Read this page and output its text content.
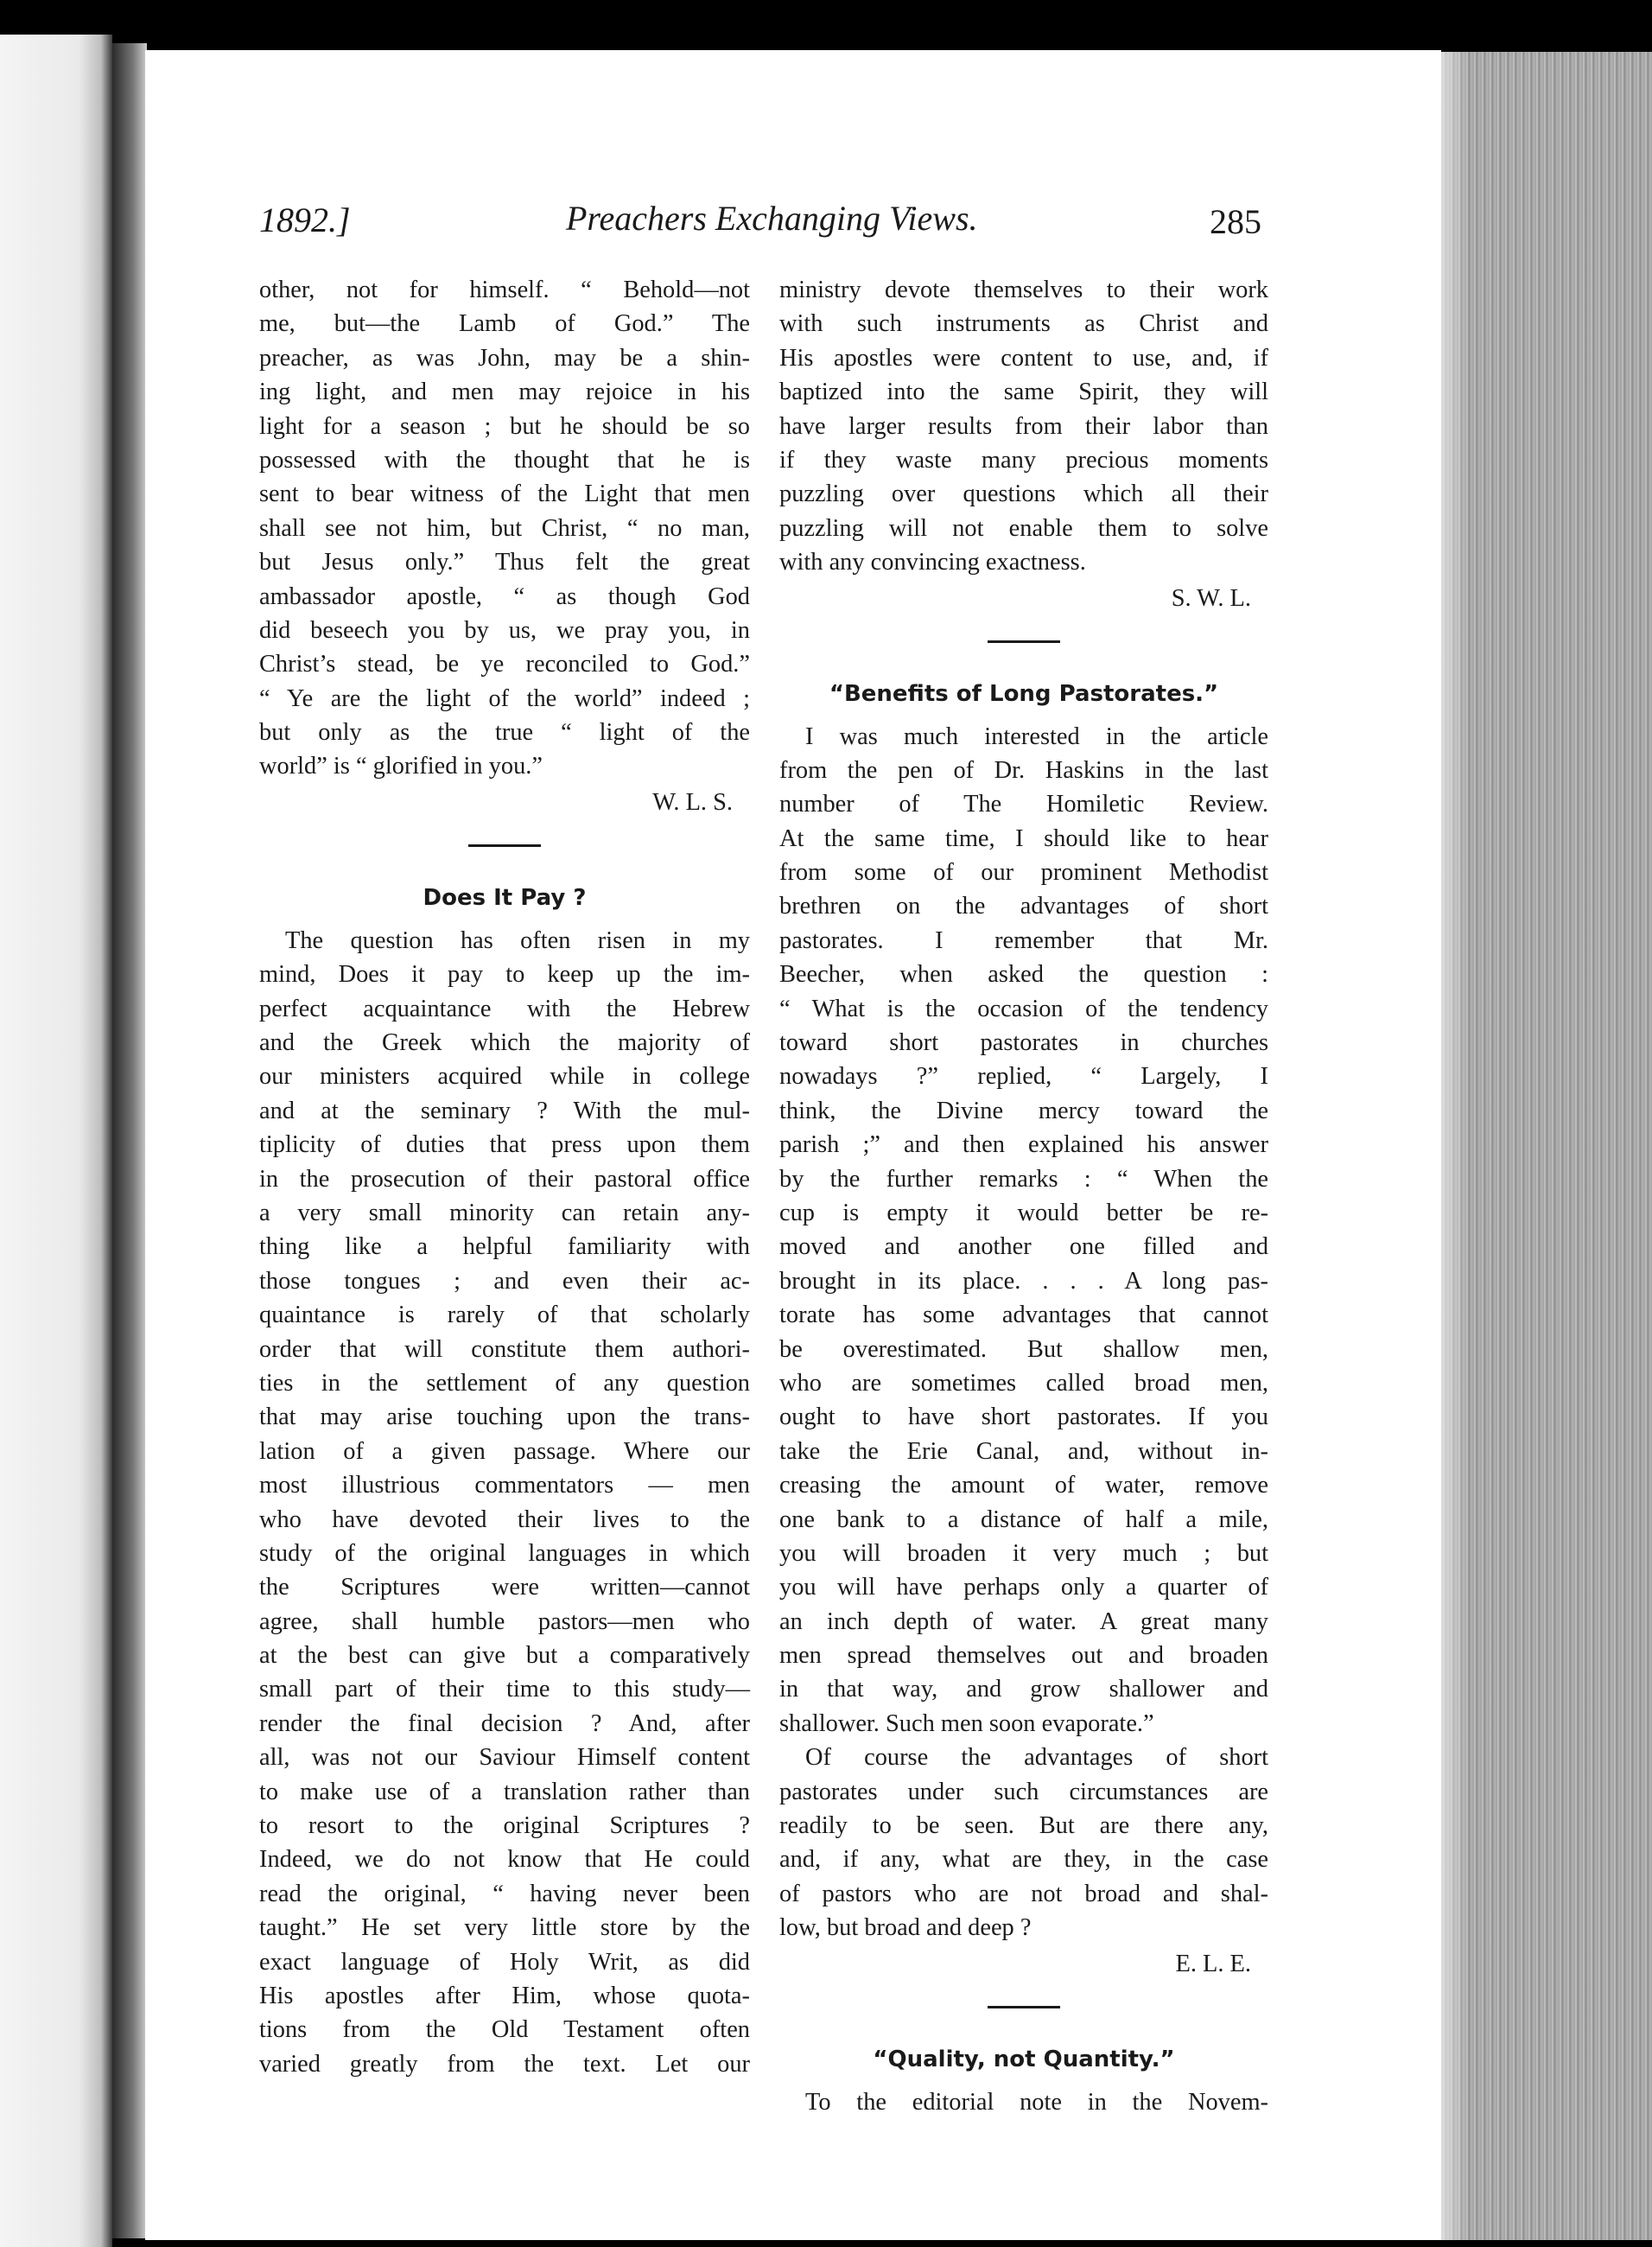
1892.]	Preachers Exchanging Views.	285
other, not for himself. “ Behold—not
me, but—the Lamb of God.” The
preacher, as was John, may be a shin-
ing light, and men may rejoice in his
light for a season ; but he should be so
possessed with the thought that he is
sent to bear witness of the Light that men
shall see not him, but Christ, “ no man,
but Jesus only.” Thus felt the great
ambassador apostle, “ as though God
did beseech you by us, we pray you, in
Christ’s stead, be ye reconciled to God.”
“ Ye are the light of the world” indeed ;
but only as the true “ light of the
world” is “ glorified in you.”
W. L. S.
Does It Pay ?
The question has often risen in my
mind, Does it pay to keep up the im-
perfect acquaintance with the Hebrew
and the Greek which the majority of
our ministers acquired while in college
and at the seminary ? With the mul-
tiplicity of duties that press upon them
in the prosecution of their pastoral office
a very small minority can retain any-
thing like a helpful familiarity with
those tongues ; and even their ac-
quaintance is rarely of that scholarly
order that will constitute them authori-
ties in the settlement of any question
that may arise touching upon the trans-
lation of a given passage. Where our
most illustrious commentators — men
who have devoted their lives to the
study of the original languages in which
the Scriptures were written—cannot
agree, shall humble pastors—men who
at the best can give but a comparatively
small part of their time to this study—
render the final decision ? And, after
all, was not our Saviour Himself content
to make use of a translation rather than
to resort to the original Scriptures ?
Indeed, we do not know that He could
read the original, “ having never been
taught.” He set very little store by the
exact language of Holy Writ, as did
His apostles after Him, whose quota-
tions from the Old Testament often
varied greatly from the text. Let our
ministry devote themselves to their work
with such instruments as Christ and
His apostles were content to use, and, if
baptized into the same Spirit, they will
have larger results from their labor than
if they waste many precious moments
puzzling over questions which all their
puzzling will not enable them to solve
with any convincing exactness.
S. W. L.
“Benefits of Long Pastorates.”
I was much interested in the article
from the pen of Dr. Haskins in the last
number of The Homiletic Review.
At the same time, I should like to hear
from some of our prominent Methodist
brethren on the advantages of short
pastorates. I remember that Mr.
Beecher, when asked the question :
“ What is the occasion of the tendency
toward short pastorates in churches
nowadays ?” replied, “ Largely, I
think, the Divine mercy toward the
parish ;” and then explained his answer
by the further remarks : “ When the
cup is empty it would better be re-
moved and another one filled and
brought in its place. . . . A long pas-
torate has some advantages that cannot
be overestimated. But shallow men,
who are sometimes called broad men,
ought to have short pastorates. If you
take the Erie Canal, and, without in-
creasing the amount of water, remove
one bank to a distance of half a mile,
you will broaden it very much ; but
you will have perhaps only a quarter of
an inch depth of water. A great many
men spread themselves out and broaden
in that way, and grow shallower and
shallower. Such men soon evaporate.”
Of course the advantages of short
pastorates under such circumstances are
readily to be seen. But are there any,
and, if any, what are they, in the case
of pastors who are not broad and shal-
low, but broad and deep ?
E. L. E.
“Quality, not Quantity.”
To the editorial note in the Novem-
